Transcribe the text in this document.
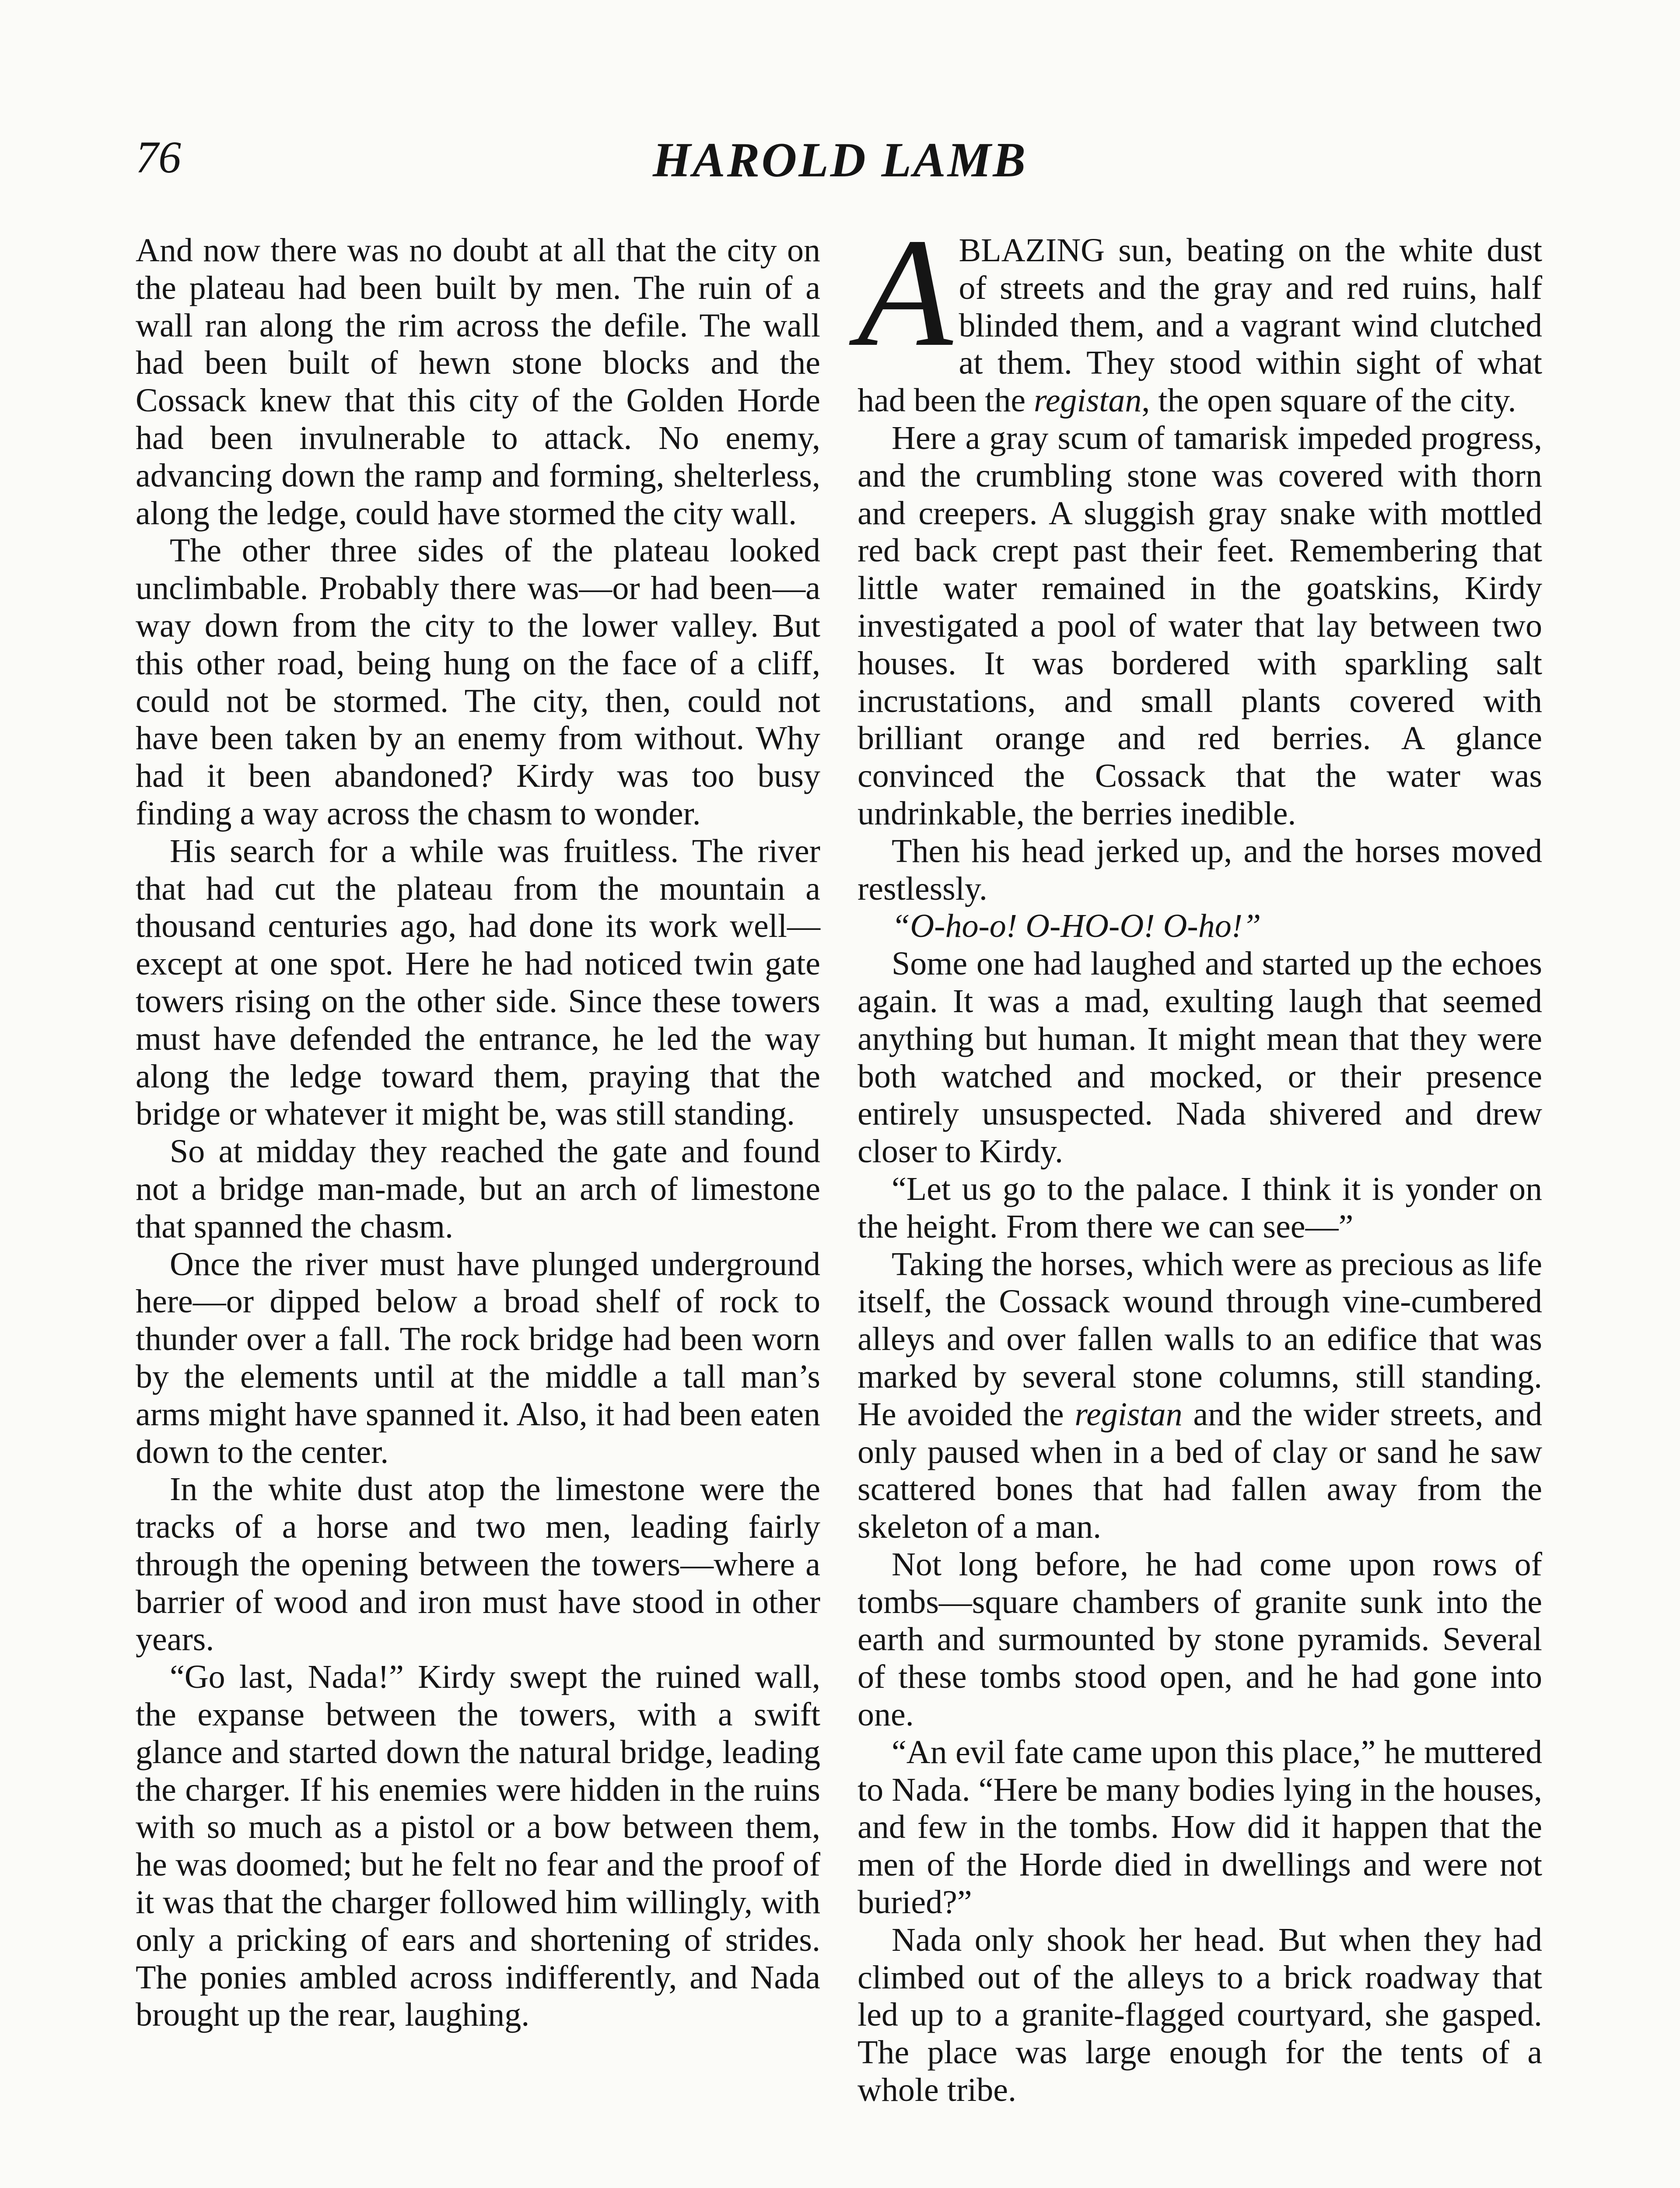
76	HAROLD LAMB

And now there was no doubt at all that the city on the plateau had been built by men. The ruin of a wall ran along the rim across the defile. The wall had been built of hewn stone blocks and the Cossack knew that this city of the Golden Horde had been invulnerable to attack. No enemy, advancing down the ramp and forming, shelterless, along the ledge, could have stormed the city wall.

The other three sides of the plateau looked unclimbable. Probably there was—or had been—a way down from the city to the lower valley. But this other road, being hung on the face of a cliff, could not be stormed. The city, then, could not have been taken by an enemy from without. Why had it been abandoned? Kirdy was too busy finding a way across the chasm to wonder.

His search for a while was fruitless. The river that had cut the plateau from the mountain a thousand centuries ago, had done its work well—except at one spot. Here he had noticed twin gate towers rising on the other side. Since these towers must have defended the entrance, he led the way along the ledge toward them, praying that the bridge or whatever it might be, was still standing.

So at midday they reached the gate and found not a bridge man-made, but an arch of limestone that spanned the chasm.

Once the river must have plunged underground here—or dipped below a broad shelf of rock to thunder over a fall. The rock bridge had been worn by the elements until at the middle a tall man’s arms might have spanned it. Also, it had been eaten down to the center.

In the white dust atop the limestone were the tracks of a horse and two men, leading fairly through the opening between the towers—where a barrier of wood and iron must have stood in other years.

“Go last, Nada!” Kirdy swept the ruined wall, the expanse between the towers, with a swift glance and started down the natural bridge, leading the charger. If his enemies were hidden in the ruins with so much as a pistol or a bow between them, he was doomed; but he felt no fear and the proof of it was that the charger followed him willingly, with only a pricking of ears and shortening of strides. The ponies ambled across indifferently, and Nada brought up the rear, laughing.

ABLAZING sun, beating on the white dust of streets and the gray and red ruins, half blinded them, and a vagrant wind clutched at them. They stood within sight of what had been the registan, the open square of the city.

Here a gray scum of tamarisk impeded progress, and the crumbling stone was covered with thorn and creepers. A sluggish gray snake with mottled red back crept past their feet. Remembering that little water remained in the goatskins, Kirdy investigated a pool of water that lay between two houses. It was bordered with sparkling salt incrustations, and small plants covered with brilliant orange and red berries. A glance convinced the Cossack that the water was undrinkable, the berries inedible.

Then his head jerked up, and the horses moved restlessly.

“O-ho-o! O-HO-O! O-ho!”

Some one had laughed and started up the echoes again. It was a mad, exulting laugh that seemed anything but human. It might mean that they were both watched and mocked, or their presence entirely unsuspected. Nada shivered and drew closer to Kirdy.

“Let us go to the palace. I think it is yonder on the height. From there we can see—”

Taking the horses, which were as precious as life itself, the Cossack wound through vine-cumbered alleys and over fallen walls to an edifice that was marked by several stone columns, still standing. He avoided the registan and the wider streets, and only paused when in a bed of clay or sand he saw scattered bones that had fallen away from the skeleton of a man.

Not long before, he had come upon rows of tombs—square chambers of granite sunk into the earth and surmounted by stone pyramids. Several of these tombs stood open, and he had gone into one.

“An evil fate came upon this place,” he muttered to Nada. “Here be many bodies lying in the houses, and few in the tombs. How did it happen that the men of the Horde died in dwellings and were not buried?”

Nada only shook her head. But when they had climbed out of the alleys to a brick roadway that led up to a granite-flagged courtyard, she gasped. The place was large enough for the tents of a whole tribe.
